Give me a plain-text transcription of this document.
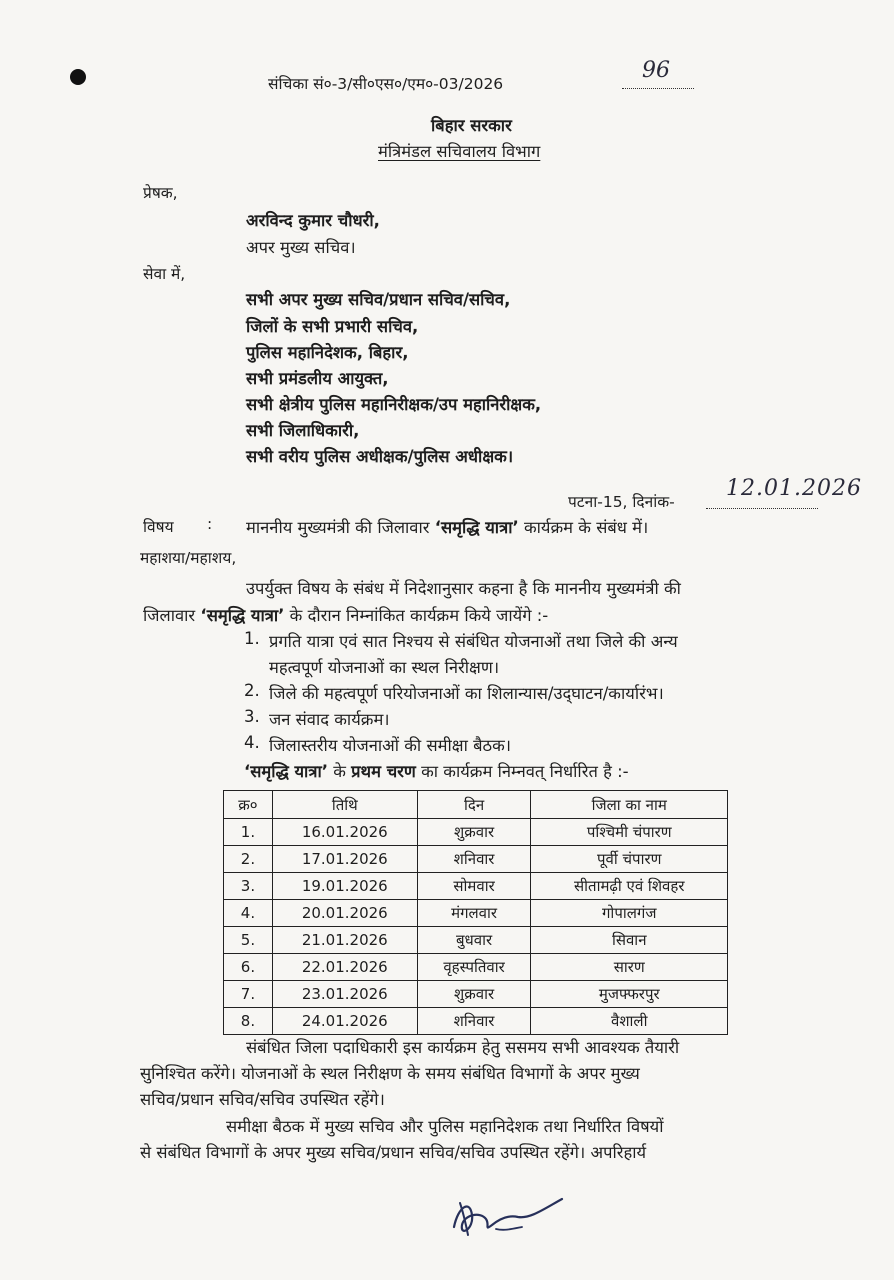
संचिका सं०-3/सी०एस०/एम०-03/2026
96
बिहार सरकार
मंत्रिमंडल सचिवालय विभाग
प्रेषक,
अरविन्द कुमार चौधरी,
अपर मुख्य सचिव।
सेवा में,
सभी अपर मुख्य सचिव/प्रधान सचिव/सचिव,
जिलों के सभी प्रभारी सचिव,
पुलिस महानिदेशक, बिहार,
सभी प्रमंडलीय आयुक्त,
सभी क्षेत्रीय पुलिस महानिरीक्षक/उप महानिरीक्षक,
सभी जिलाधिकारी,
सभी वरीय पुलिस अधीक्षक/पुलिस अधीक्षक।
पटना-15, दिनांक-
12.01.2026
विषय : माननीय मुख्यमंत्री की जिलावार ‘समृद्धि यात्रा’ कार्यक्रम के संबंध में।
महाशया/महाशय,
उपर्युक्त विषय के संबंध में निदेशानुसार कहना है कि माननीय मुख्यमंत्री की
जिलावार ‘समृद्धि यात्रा’ के दौरान निम्नांकित कार्यक्रम किये जायेंगे :-
1. प्रगति यात्रा एवं सात निश्चय से संबंधित योजनाओं तथा जिले की अन्य
महत्वपूर्ण योजनाओं का स्थल निरीक्षण।
2. जिले की महत्वपूर्ण परियोजनाओं का शिलान्यास/उद्‌घाटन/कार्यारंभ।
3. जन संवाद कार्यक्रम।
4. जिलास्तरीय योजनाओं की समीक्षा बैठक।
‘समृद्धि यात्रा’ के प्रथम चरण का कार्यक्रम निम्नवत् निर्धारित है :-
क्र०	तिथि	दिन	जिला का नाम
1.	16.01.2026	शुक्रवार	पश्चिमी चंपारण
2.	17.01.2026	शनिवार	पूर्वी चंपारण
3.	19.01.2026	सोमवार	सीतामढ़ी एवं शिवहर
4.	20.01.2026	मंगलवार	गोपालगंज
5.	21.01.2026	बुधवार	सिवान
6.	22.01.2026	वृहस्पतिवार	सारण
7.	23.01.2026	शुक्रवार	मुजफ्फरपुर
8.	24.01.2026	शनिवार	वैशाली
संबंधित जिला पदाधिकारी इस कार्यक्रम हेतु ससमय सभी आवश्यक तैयारी
सुनिश्चित करेंगे। योजनाओं के स्थल निरीक्षण के समय संबंधित विभागों के अपर मुख्य
सचिव/प्रधान सचिव/सचिव उपस्थित रहेंगे।
समीक्षा बैठक में मुख्य सचिव और पुलिस महानिदेशक तथा निर्धारित विषयों
से संबंधित विभागों के अपर मुख्य सचिव/प्रधान सचिव/सचिव उपस्थित रहेंगे। अपरिहार्य
